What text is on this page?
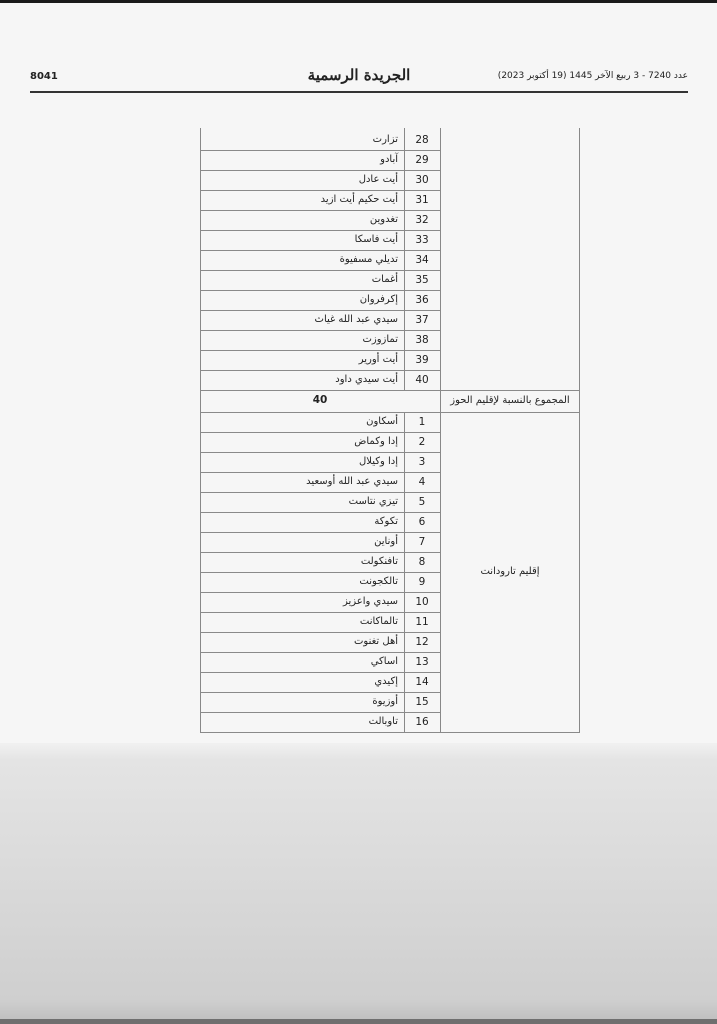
8041	الجريدة الرسمية	عدد 7240 - 3 ربيع الآخر 1445 (19 أكتوبر 2023)
28
تزارت
29
آبادو
30
أيت عادل
31
أيت حكيم أيت ازيد
32
تغدوين
33
أيت فاسكا
34
تديلي مسفيوة
35
أغمات
36
إكرفروان
37
سيدي عبد الله غياث
38
تمازوزت
39
أيت أورير
40
أيت سيدي داود
1
أسكاون
2
إدا وكماض
3
إدا وكيلال
4
سيدي عبد الله أوسعيد
5
تيزي نتاست
6
تكوكة
7
أوناين
8
تافنكولت
9
تالكجونت
10
سيدي واعزيز
11
تالماكانت
12
أهل تغنوت
13
اساكي
14
إكيدي
15
أوزيوة
16
تاوبالت
المجموع بالنسبة لإقليم الحوز
40
إقليم تارودانت
